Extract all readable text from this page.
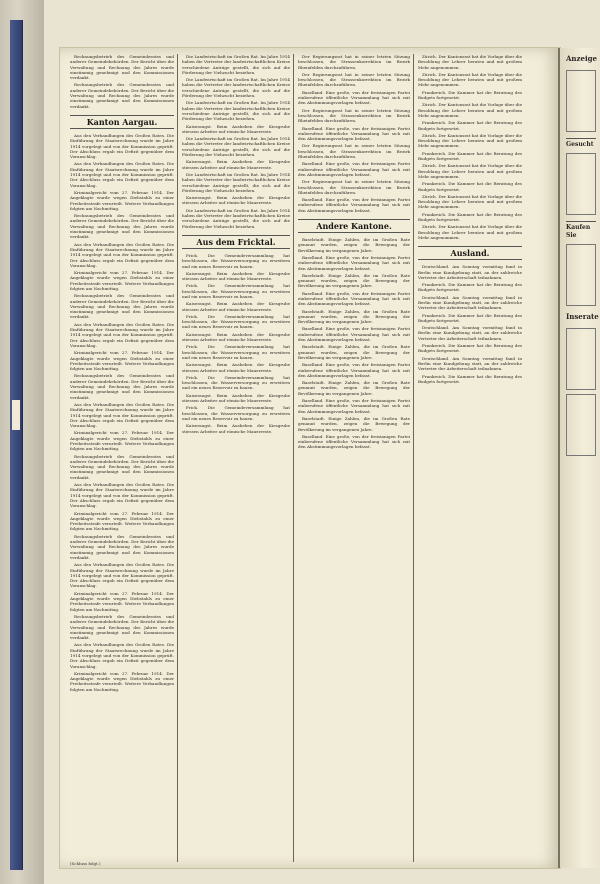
Rechnungsbetrieb des Gemeinderates und anderer Gemeindebehörden. Der Bericht über die Verwaltung und Rechnung des Jahres wurde einstimmig genehmigt und den Kommissionen verdankt.

Rechnungsbetrieb des Gemeinderates und anderer Gemeindebehörden. Der Bericht über die Verwaltung und Rechnung des Jahres wurde einstimmig genehmigt und den Kommissionen verdankt.

Kanton Aargau.

Aus den Verhandlungen des Großen Rates. Die Einführung der Staatsrechnung wurde im Jahre 1914 vorgelegt und von der Kommission geprüft. Der Abschluss ergab ein Defizit gegenüber dem Voranschlag.

Aus den Verhandlungen des Großen Rates. Die Einführung der Staatsrechnung wurde im Jahre 1914 vorgelegt und von der Kommission geprüft. Der Abschluss ergab ein Defizit gegenüber dem Voranschlag.

Kriminalgericht vom 27. Februar 1914. Der Angeklagte wurde wegen Diebstahls zu einer Freiheitsstrafe verurteilt. Weitere Verhandlungen folgten am Nachmittag.

Rechnungsbetrieb des Gemeinderates und anderer Gemeindebehörden. Der Bericht über die Verwaltung und Rechnung des Jahres wurde einstimmig genehmigt und den Kommissionen verdankt.

Aus den Verhandlungen des Großen Rates. Die Einführung der Staatsrechnung wurde im Jahre 1914 vorgelegt und von der Kommission geprüft. Der Abschluss ergab ein Defizit gegenüber dem Voranschlag.

Kriminalgericht vom 27. Februar 1914. Der Angeklagte wurde wegen Diebstahls zu einer Freiheitsstrafe verurteilt. Weitere Verhandlungen folgten am Nachmittag.

Rechnungsbetrieb des Gemeinderates und anderer Gemeindebehörden. Der Bericht über die Verwaltung und Rechnung des Jahres wurde einstimmig genehmigt und den Kommissionen verdankt.

Aus den Verhandlungen des Großen Rates. Die Einführung der Staatsrechnung wurde im Jahre 1914 vorgelegt und von der Kommission geprüft. Der Abschluss ergab ein Defizit gegenüber dem Voranschlag.

Kriminalgericht vom 27. Februar 1914. Der Angeklagte wurde wegen Diebstahls zu einer Freiheitsstrafe verurteilt. Weitere Verhandlungen folgten am Nachmittag.

Rechnungsbetrieb des Gemeinderates und anderer Gemeindebehörden. Der Bericht über die Verwaltung und Rechnung des Jahres wurde einstimmig genehmigt und den Kommissionen verdankt.

Aus den Verhandlungen des Großen Rates. Die Einführung der Staatsrechnung wurde im Jahre 1914 vorgelegt und von der Kommission geprüft. Der Abschluss ergab ein Defizit gegenüber dem Voranschlag.

Kriminalgericht vom 27. Februar 1914. Der Angeklagte wurde wegen Diebstahls zu einer Freiheitsstrafe verurteilt. Weitere Verhandlungen folgten am Nachmittag.

Rechnungsbetrieb des Gemeinderates und anderer Gemeindebehörden. Der Bericht über die Verwaltung und Rechnung des Jahres wurde einstimmig genehmigt und den Kommissionen verdankt.

Aus den Verhandlungen des Großen Rates. Die Einführung der Staatsrechnung wurde im Jahre 1914 vorgelegt und von der Kommission geprüft. Der Abschluss ergab ein Defizit gegenüber dem Voranschlag.

Kriminalgericht vom 27. Februar 1914. Der Angeklagte wurde wegen Diebstahls zu einer Freiheitsstrafe verurteilt. Weitere Verhandlungen folgten am Nachmittag.

Rechnungsbetrieb des Gemeinderates und anderer Gemeindebehörden. Der Bericht über die Verwaltung und Rechnung des Jahres wurde einstimmig genehmigt und den Kommissionen verdankt.

Aus den Verhandlungen des Großen Rates. Die Einführung der Staatsrechnung wurde im Jahre 1914 vorgelegt und von der Kommission geprüft. Der Abschluss ergab ein Defizit gegenüber dem Voranschlag.

Kriminalgericht vom 27. Februar 1914. Der Angeklagte wurde wegen Diebstahls zu einer Freiheitsstrafe verurteilt. Weitere Verhandlungen folgten am Nachmittag.

Rechnungsbetrieb des Gemeinderates und anderer Gemeindebehörden. Der Bericht über die Verwaltung und Rechnung des Jahres wurde einstimmig genehmigt und den Kommissionen verdankt.

Aus den Verhandlungen des Großen Rates. Die Einführung der Staatsrechnung wurde im Jahre 1914 vorgelegt und von der Kommission geprüft. Der Abschluss ergab ein Defizit gegenüber dem Voranschlag.

Kriminalgericht vom 27. Februar 1914. Der Angeklagte wurde wegen Diebstahls zu einer Freiheitsstrafe verurteilt. Weitere Verhandlungen folgten am Nachmittag.

Die Landwirtschaft im Großen Rat. Im Jahre 1914 haben die Vertreter der landwirtschaftlichen Kreise verschiedene Anträge gestellt, die sich auf die Förderung der Viehzucht beziehen.

Die Landwirtschaft im Großen Rat. Im Jahre 1914 haben die Vertreter der landwirtschaftlichen Kreise verschiedene Anträge gestellt, die sich auf die Förderung der Viehzucht beziehen.

Die Landwirtschaft im Großen Rat. Im Jahre 1914 haben die Vertreter der landwirtschaftlichen Kreise verschiedene Anträge gestellt, die sich auf die Förderung der Viehzucht beziehen.

Kaiseraugst. Beim Ausheben der Kiesgrube stiessen Arbeiter auf römische Mauerreste.

Die Landwirtschaft im Großen Rat. Im Jahre 1914 haben die Vertreter der landwirtschaftlichen Kreise verschiedene Anträge gestellt, die sich auf die Förderung der Viehzucht beziehen.

Kaiseraugst. Beim Ausheben der Kiesgrube stiessen Arbeiter auf römische Mauerreste.

Die Landwirtschaft im Großen Rat. Im Jahre 1914 haben die Vertreter der landwirtschaftlichen Kreise verschiedene Anträge gestellt, die sich auf die Förderung der Viehzucht beziehen.

Kaiseraugst. Beim Ausheben der Kiesgrube stiessen Arbeiter auf römische Mauerreste.

Die Landwirtschaft im Großen Rat. Im Jahre 1914 haben die Vertreter der landwirtschaftlichen Kreise verschiedene Anträge gestellt, die sich auf die Förderung der Viehzucht beziehen.

Aus dem Fricktal.

Frick. Die Gemeindeversammlung hat beschlossen, die Wasserversorgung zu erweitern und ein neues Reservoir zu bauen.

Kaiseraugst. Beim Ausheben der Kiesgrube stiessen Arbeiter auf römische Mauerreste.

Frick. Die Gemeindeversammlung hat beschlossen, die Wasserversorgung zu erweitern und ein neues Reservoir zu bauen.

Kaiseraugst. Beim Ausheben der Kiesgrube stiessen Arbeiter auf römische Mauerreste.

Frick. Die Gemeindeversammlung hat beschlossen, die Wasserversorgung zu erweitern und ein neues Reservoir zu bauen.

Kaiseraugst. Beim Ausheben der Kiesgrube stiessen Arbeiter auf römische Mauerreste.

Frick. Die Gemeindeversammlung hat beschlossen, die Wasserversorgung zu erweitern und ein neues Reservoir zu bauen.

Kaiseraugst. Beim Ausheben der Kiesgrube stiessen Arbeiter auf römische Mauerreste.

Frick. Die Gemeindeversammlung hat beschlossen, die Wasserversorgung zu erweitern und ein neues Reservoir zu bauen.

Kaiseraugst. Beim Ausheben der Kiesgrube stiessen Arbeiter auf römische Mauerreste.

Frick. Die Gemeindeversammlung hat beschlossen, die Wasserversorgung zu erweitern und ein neues Reservoir zu bauen.

Kaiseraugst. Beim Ausheben der Kiesgrube stiessen Arbeiter auf römische Mauerreste.

Der Regierungsrat hat in seiner letzten Sitzung beschlossen, die Strassenkorrektion im Bezirk Rheinfelden durchzuführen.

Der Regierungsrat hat in seiner letzten Sitzung beschlossen, die Strassenkorrektion im Bezirk Rheinfelden durchzuführen.

Baselland. Eine große, von der freisinnigen Partei einberufene öffentliche Versammlung hat sich mit den Abstimmungsvorlagen befasst.

Der Regierungsrat hat in seiner letzten Sitzung beschlossen, die Strassenkorrektion im Bezirk Rheinfelden durchzuführen.

Baselland. Eine große, von der freisinnigen Partei einberufene öffentliche Versammlung hat sich mit den Abstimmungsvorlagen befasst.

Der Regierungsrat hat in seiner letzten Sitzung beschlossen, die Strassenkorrektion im Bezirk Rheinfelden durchzuführen.

Baselland. Eine große, von der freisinnigen Partei einberufene öffentliche Versammlung hat sich mit den Abstimmungsvorlagen befasst.

Der Regierungsrat hat in seiner letzten Sitzung beschlossen, die Strassenkorrektion im Bezirk Rheinfelden durchzuführen.

Baselland. Eine große, von der freisinnigen Partei einberufene öffentliche Versammlung hat sich mit den Abstimmungsvorlagen befasst.

Andere Kantone.

Baselstadt. Einige Zahlen, die im Großen Rate genannt wurden, zeigen die Bewegung der Bevölkerung im vergangenen Jahre.

Baselland. Eine große, von der freisinnigen Partei einberufene öffentliche Versammlung hat sich mit den Abstimmungsvorlagen befasst.

Baselstadt. Einige Zahlen, die im Großen Rate genannt wurden, zeigen die Bewegung der Bevölkerung im vergangenen Jahre.

Baselland. Eine große, von der freisinnigen Partei einberufene öffentliche Versammlung hat sich mit den Abstimmungsvorlagen befasst.

Baselstadt. Einige Zahlen, die im Großen Rate genannt wurden, zeigen die Bewegung der Bevölkerung im vergangenen Jahre.

Baselland. Eine große, von der freisinnigen Partei einberufene öffentliche Versammlung hat sich mit den Abstimmungsvorlagen befasst.

Baselstadt. Einige Zahlen, die im Großen Rate genannt wurden, zeigen die Bewegung der Bevölkerung im vergangenen Jahre.

Baselland. Eine große, von der freisinnigen Partei einberufene öffentliche Versammlung hat sich mit den Abstimmungsvorlagen befasst.

Baselstadt. Einige Zahlen, die im Großen Rate genannt wurden, zeigen die Bewegung der Bevölkerung im vergangenen Jahre.

Baselland. Eine große, von der freisinnigen Partei einberufene öffentliche Versammlung hat sich mit den Abstimmungsvorlagen befasst.

Baselstadt. Einige Zahlen, die im Großen Rate genannt wurden, zeigen die Bewegung der Bevölkerung im vergangenen Jahre.

Baselland. Eine große, von der freisinnigen Partei einberufene öffentliche Versammlung hat sich mit den Abstimmungsvorlagen befasst.

Zürich. Der Kantonsrat hat die Vorlage über die Besoldung der Lehrer beraten und mit großem Mehr angenommen.

Zürich. Der Kantonsrat hat die Vorlage über die Besoldung der Lehrer beraten und mit großem Mehr angenommen.

Frankreich. Die Kammer hat die Beratung des Budgets fortgesetzt.

Zürich. Der Kantonsrat hat die Vorlage über die Besoldung der Lehrer beraten und mit großem Mehr angenommen.

Frankreich. Die Kammer hat die Beratung des Budgets fortgesetzt.

Zürich. Der Kantonsrat hat die Vorlage über die Besoldung der Lehrer beraten und mit großem Mehr angenommen.

Frankreich. Die Kammer hat die Beratung des Budgets fortgesetzt.

Zürich. Der Kantonsrat hat die Vorlage über die Besoldung der Lehrer beraten und mit großem Mehr angenommen.

Frankreich. Die Kammer hat die Beratung des Budgets fortgesetzt.

Zürich. Der Kantonsrat hat die Vorlage über die Besoldung der Lehrer beraten und mit großem Mehr angenommen.

Frankreich. Die Kammer hat die Beratung des Budgets fortgesetzt.

Zürich. Der Kantonsrat hat die Vorlage über die Besoldung der Lehrer beraten und mit großem Mehr angenommen.

Ausland.

Deutschland. Am Sonntag vormittag fand in Berlin eine Kundgebung statt, an der zahlreiche Vertreter der Arbeiterschaft teilnahmen.

Frankreich. Die Kammer hat die Beratung des Budgets fortgesetzt.

Deutschland. Am Sonntag vormittag fand in Berlin eine Kundgebung statt, an der zahlreiche Vertreter der Arbeiterschaft teilnahmen.

Frankreich. Die Kammer hat die Beratung des Budgets fortgesetzt.

Deutschland. Am Sonntag vormittag fand in Berlin eine Kundgebung statt, an der zahlreiche Vertreter der Arbeiterschaft teilnahmen.

Frankreich. Die Kammer hat die Beratung des Budgets fortgesetzt.

Deutschland. Am Sonntag vormittag fand in Berlin eine Kundgebung statt, an der zahlreiche Vertreter der Arbeiterschaft teilnahmen.

Frankreich. Die Kammer hat die Beratung des Budgets fortgesetzt.

(Schluss folgt.)
Anzeige
Gesucht
Kaufen Sie
Inserate
